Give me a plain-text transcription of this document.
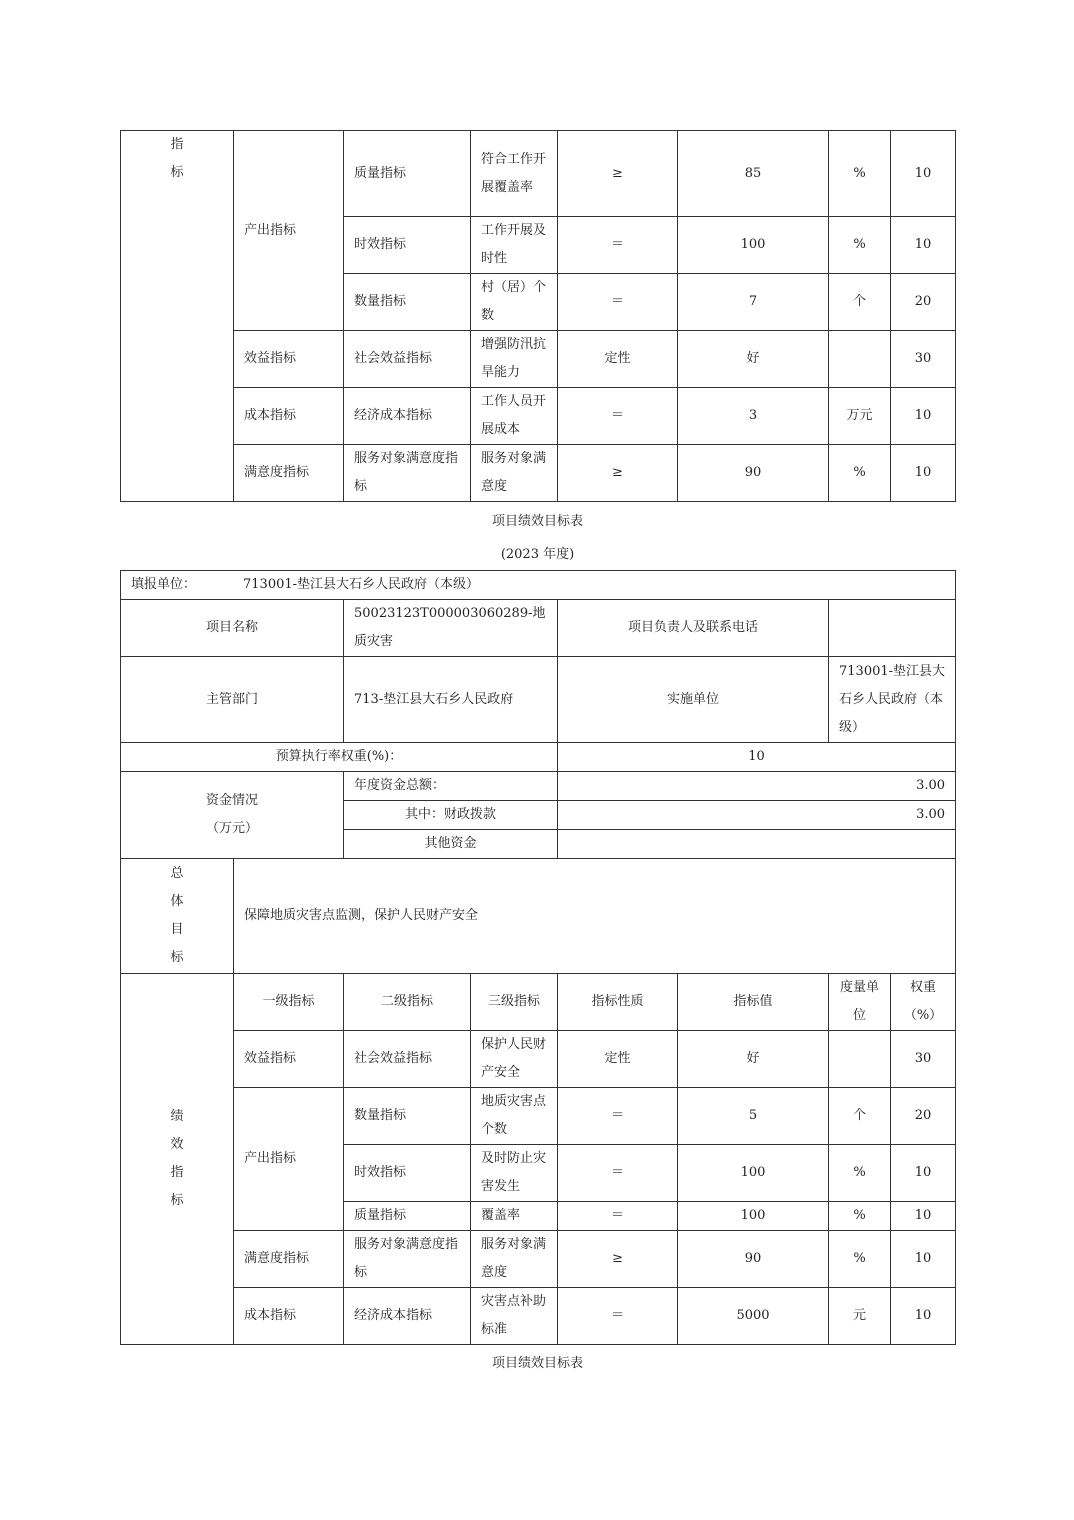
指标	产出指标	质量指标	符合工作开展覆盖率	≥	85	%	10
		时效指标	工作开展及时性	＝	100	%	10
		数量指标	村（居）个数	＝	7	个	20
	效益指标	社会效益指标	增强防汛抗旱能力	定性	好		30
	成本指标	经济成本指标	工作人员开展成本	＝	3	万元	10
	满意度指标	服务对象满意度指标	服务对象满意度	≥	90	%	10
项目绩效目标表
(2023 年度)
填报单位： 713001-垫江县大石乡人民政府（本级）							
项目名称		50023123T000003060289-地质灾害		项目负责人及联系电话			
主管部门		713-垫江县大石乡人民政府		实施单位		713001-垫江县大石乡人民政府（本级）	
预算执行率权重(%)：				10			

资金情况
（万元）		年度资金总额：		3.00			
		其中：财政拨款		3.00			
		其他资金					
总体目标	保障地质灾害点监测，保护人民财产安全						
绩效指标	一级指标	二级指标	三级指标	指标性质	指标值	度量单位	权重（%）
	效益指标	社会效益指标	保护人民财产安全	定性	好		30
	产出指标	数量指标	地质灾害点个数	＝	5	个	20
		时效指标	及时防止灾害发生	＝	100	%	10
		质量指标	覆盖率	＝	100	%	10
	满意度指标	服务对象满意度指标	服务对象满意度	≥	90	%	10
	成本指标	经济成本指标	灾害点补助标准	＝	5000	元	10
项目绩效目标表
